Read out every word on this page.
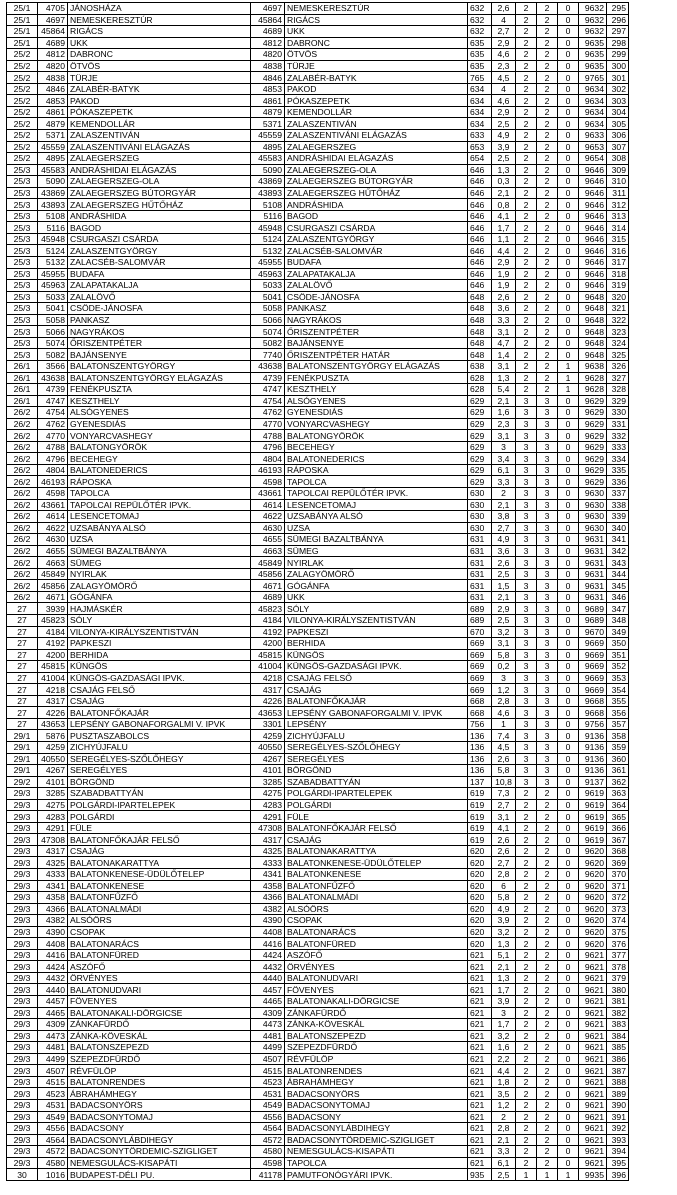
25/1	4705	JÁNOSHÁZA	4697	NEMESKERESZTÚR	632	2,6	2	2	0	9632	295
25/1	4697	NEMESKERESZTÚR	45864	RIGÁCS	632	4	2	2	0	9632	296
25/1	45864	RIGÁCS	4689	UKK	632	2,7	2	2	0	9632	297
25/1	4689	UKK	4812	DABRONC	635	2,9	2	2	0	9635	298
25/2	4812	DABRONC	4820	ÖTVÖS	635	4,6	2	2	0	9635	299
25/2	4820	ÖTVÖS	4838	TÜRJE	635	2,3	2	2	0	9635	300
25/2	4838	TÜRJE	4846	ZALABÉR-BATYK	765	4,5	2	2	0	9765	301
25/2	4846	ZALABÉR-BATYK	4853	PAKOD	634	4	2	2	0	9634	302
25/2	4853	PAKOD	4861	PÓKASZEPETK	634	4,6	2	2	0	9634	303
25/2	4861	PÓKASZEPETK	4879	KEMENDOLLÁR	634	2,9	2	2	0	9634	304
25/2	4879	KEMENDOLLÁR	5371	ZALASZENTIVÁN	634	2,5	2	2	0	9634	305
25/2	5371	ZALASZENTIVÁN	45559	ZALASZENTIVÁNI ELÁGAZÁS	633	4,9	2	2	0	9633	306
25/2	45559	ZALASZENTIVÁNI ELÁGAZÁS	4895	ZALAEGERSZEG	653	3,9	2	2	0	9653	307
25/2	4895	ZALAEGERSZEG	45583	ANDRÁSHIDAI ELÁGAZÁS	654	2,5	2	2	0	9654	308
25/3	45583	ANDRÁSHIDAI ELÁGAZÁS	5090	ZALAEGERSZEG-OLA	646	1,3	2	2	0	9646	309
25/3	5090	ZALAEGERSZEG-OLA	43869	ZALAEGERSZEG BÚTORGYÁR	646	0,3	2	2	0	9646	310
25/3	43869	ZALAEGERSZEG BÚTORGYÁR	43893	ZALAEGERSZEG HŰTŐHÁZ	646	2,1	2	2	0	9646	311
25/3	43893	ZALAEGERSZEG HŰTŐHÁZ	5108	ANDRÁSHIDA	646	0,8	2	2	0	9646	312
25/3	5108	ANDRÁSHIDA	5116	BAGOD	646	4,1	2	2	0	9646	313
25/3	5116	BAGOD	45948	CSURGASZI CSÁRDA	646	1,7	2	2	0	9646	314
25/3	45948	CSURGASZI CSÁRDA	5124	ZALASZENTGYÖRGY	646	1,1	2	2	0	9646	315
25/3	5124	ZALASZENTGYÖRGY	5132	ZALACSÉB-SALOMVÁR	646	4,4	2	2	0	9646	316
25/3	5132	ZALACSÉB-SALOMVÁR	45955	BUDAFA	646	2,9	2	2	0	9646	317
25/3	45955	BUDAFA	45963	ZALAPATAKALJA	646	1,9	2	2	0	9646	318
25/3	45963	ZALAPATAKALJA	5033	ZALALÖVŐ	646	1,9	2	2	0	9646	319
25/3	5033	ZALALÖVŐ	5041	CSÖDE-JÁNOSFA	648	2,6	2	2	0	9648	320
25/3	5041	CSÖDE-JÁNOSFA	5058	PANKASZ	648	3,6	2	2	0	9648	321
25/3	5058	PANKASZ	5066	NAGYRÁKOS	648	3,3	2	2	0	9648	322
25/3	5066	NAGYRÁKOS	5074	ŐRISZENTPÉTER	648	3,1	2	2	0	9648	323
25/3	5074	ŐRISZENTPÉTER	5082	BAJÁNSENYE	648	4,7	2	2	0	9648	324
25/3	5082	BAJÁNSENYE	7740	ŐRISZENTPÉTER HATÁR	648	1,4	2	2	0	9648	325
26/1	3566	BALATONSZENTGYÖRGY	43638	BALATONSZENTGYÖRGY ELÁGAZÁS	638	3,1	2	2	1	9638	326
26/1	43638	BALATONSZENTGYÖRGY ELÁGAZÁS	4739	FENÉKPUSZTA	628	1,3	2	2	1	9628	327
26/1	4739	FENÉKPUSZTA	4747	KESZTHELY	628	5,4	2	2	1	9628	328
26/1	4747	KESZTHELY	4754	ALSÓGYENES	629	2,1	3	3	0	9629	329
26/2	4754	ALSÓGYENES	4762	GYENESDIÁS	629	1,6	3	3	0	9629	330
26/2	4762	GYENESDIÁS	4770	VONYARCVASHEGY	629	2,3	3	3	0	9629	331
26/2	4770	VONYARCVASHEGY	4788	BALATONGYÖRÖK	629	3,1	3	3	0	9629	332
26/2	4788	BALATONGYÖRÖK	4796	BECEHEGY	629	3	3	3	0	9629	333
26/2	4796	BECEHEGY	4804	BALATONEDERICS	629	3,4	3	3	0	9629	334
26/2	4804	BALATONEDERICS	46193	RÁPOSKA	629	6,1	3	3	0	9629	335
26/2	46193	RÁPOSKA	4598	TAPOLCA	629	3,3	3	3	0	9629	336
26/2	4598	TAPOLCA	43661	TAPOLCAI REPÜLŐTÉR IPVK.	630	2	3	3	0	9630	337
26/2	43661	TAPOLCAI REPÜLŐTÉR IPVK.	4614	LESENCETOMAJ	630	2,1	3	3	0	9630	338
26/2	4614	LESENCETOMAJ	4622	UZSABÁNYA ALSÓ	630	3,8	3	3	0	9630	339
26/2	4622	UZSABÁNYA ALSÓ	4630	UZSA	630	2,7	3	3	0	9630	340
26/2	4630	UZSA	4655	SÜMEGI BAZALTBÁNYA	631	4,9	3	3	0	9631	341
26/2	4655	SÜMEGI BAZALTBÁNYA	4663	SÜMEG	631	3,6	3	3	0	9631	342
26/2	4663	SÜMEG	45849	NYIRLAK	631	2,6	3	3	0	9631	343
26/2	45849	NYIRLAK	45856	ZALAGYÖMÖRŐ	631	2,5	3	3	0	9631	344
26/2	45856	ZALAGYÖMÖRŐ	4671	GÓGÁNFA	631	1,5	3	3	0	9631	345
26/2	4671	GÓGÁNFA	4689	UKK	631	2,1	3	3	0	9631	346
27	3939	HAJMÁSKÉR	45823	SÓLY	689	2,9	3	3	0	9689	347
27	45823	SÓLY	4184	VILONYA-KIRÁLYSZENTISTVÁN	689	2,5	3	3	0	9689	348
27	4184	VILONYA-KIRÁLYSZENTISTVÁN	4192	PAPKESZI	670	3,2	3	3	0	9670	349
27	4192	PAPKESZI	4200	BERHIDA	669	3,1	3	3	0	9669	350
27	4200	BERHIDA	45815	KÜNGÖS	669	5,8	3	3	0	9669	351
27	45815	KÜNGÖS	41004	KÜNGÖS-GAZDASÁGI IPVK.	669	0,2	3	3	0	9669	352
27	41004	KÜNGÖS-GAZDASÁGI IPVK.	4218	CSAJÁG FELSŐ	669	3	3	3	0	9669	353
27	4218	CSAJÁG FELSŐ	4317	CSAJÁG	669	1,2	3	3	0	9669	354
27	4317	CSAJÁG	4226	BALATONFŐKAJÁR	668	2,8	3	3	0	9668	355
27	4226	BALATONFŐKAJÁR	43653	LEPSÉNY GABONAFORGALMI V. IPVK	668	4,6	3	3	0	9668	356
27	43653	LEPSÉNY GABONAFORGALMI V. IPVK	3301	LEPSÉNY	756	1	3	3	0	9756	357
29/1	5876	PUSZTASZABOLCS	4259	ZICHYÚJFALU	136	7,4	3	3	0	9136	358
29/1	4259	ZICHYÚJFALU	40550	SEREGÉLYES-SZŐLŐHEGY	136	4,5	3	3	0	9136	359
29/1	40550	SEREGÉLYES-SZŐLŐHEGY	4267	SEREGÉLYES	136	2,6	3	3	0	9136	360
29/1	4267	SEREGÉLYES	4101	BÖRGÖND	136	5,8	3	3	0	9136	361
29/2	4101	BÖRGÖND	3285	SZABADBATTYÁN	137	10,8	3	3	0	9137	362
29/3	3285	SZABADBATTYÁN	4275	POLGÁRDI-IPARTELEPEK	619	7,3	2	2	0	9619	363
29/3	4275	POLGÁRDI-IPARTELEPEK	4283	POLGÁRDI	619	2,7	2	2	0	9619	364
29/3	4283	POLGÁRDI	4291	FÜLE	619	3,1	2	2	0	9619	365
29/3	4291	FÜLE	47308	BALATONFŐKAJÁR FELSŐ	619	4,1	2	2	0	9619	366
29/3	47308	BALATONFŐKAJÁR FELSŐ	4317	CSAJÁG	619	2,6	2	2	0	9619	367
29/3	4317	CSAJÁG	4325	BALATONAKARATTYA	620	2,6	2	2	0	9620	368
29/3	4325	BALATONAKARATTYA	4333	BALATONKENESE-ÜDÜLŐTELEP	620	2,7	2	2	0	9620	369
29/3	4333	BALATONKENESE-ÜDÜLŐTELEP	4341	BALATONKENESE	620	2,8	2	2	0	9620	370
29/3	4341	BALATONKENESE	4358	BALATONFŰZFŐ	620	6	2	2	0	9620	371
29/3	4358	BALATONFŰZFŐ	4366	BALATONALMÁDI	620	5,8	2	2	0	9620	372
29/3	4366	BALATONALMÁDI	4382	ALSÓÖRS	620	4,9	2	2	0	9620	373
29/3	4382	ALSÓÖRS	4390	CSOPAK	620	3,9	2	2	0	9620	374
29/3	4390	CSOPAK	4408	BALATONARÁCS	620	3,2	2	2	0	9620	375
29/3	4408	BALATONARÁCS	4416	BALATONFÜRED	620	1,3	2	2	0	9620	376
29/3	4416	BALATONFÜRED	4424	ASZÓFŐ	621	5,1	2	2	0	9621	377
29/3	4424	ASZÓFŐ	4432	ÖRVÉNYES	621	2,1	2	2	0	9621	378
29/3	4432	ÖRVÉNYES	4440	BALATONUDVARI	621	1,3	2	2	0	9621	379
29/3	4440	BALATONUDVARI	4457	FÖVENYES	621	1,7	2	2	0	9621	380
29/3	4457	FÖVENYES	4465	BALATONAKALI-DÖRGICSE	621	3,9	2	2	0	9621	381
29/3	4465	BALATONAKALI-DÖRGICSE	4309	ZÁNKAFÜRDŐ	621	3	2	2	0	9621	382
29/3	4309	ZÁNKAFÜRDŐ	4473	ZÁNKA-KÖVESKÁL	621	1,7	2	2	0	9621	383
29/3	4473	ZÁNKA-KÖVESKÁL	4481	BALATONSZEPEZD	621	3,2	2	2	0	9621	384
29/3	4481	BALATONSZEPEZD	4499	SZEPEZDFÜRDŐ	621	1,6	2	2	0	9621	385
29/3	4499	SZEPEZDFÜRDŐ	4507	RÉVFÜLÖP	621	2,2	2	2	0	9621	386
29/3	4507	RÉVFÜLÖP	4515	BALATONRENDES	621	4,4	2	2	0	9621	387
29/3	4515	BALATONRENDES	4523	ÁBRAHÁMHEGY	621	1,8	2	2	0	9621	388
29/3	4523	ÁBRAHÁMHEGY	4531	BADACSONYÖRS	621	3,5	2	2	0	9621	389
29/3	4531	BADACSONYÖRS	4549	BADACSONYTOMAJ	621	1,2	2	2	0	9621	390
29/3	4549	BADACSONYTOMAJ	4556	BADACSONY	621	2	2	2	0	9621	391
29/3	4556	BADACSONY	4564	BADACSONYLÁBDIHEGY	621	2,8	2	2	0	9621	392
29/3	4564	BADACSONYLÁBDIHEGY	4572	BADACSONYTÖRDEMIC-SZIGLIGET	621	2,1	2	2	0	9621	393
29/3	4572	BADACSONYTÖRDEMIC-SZIGLIGET	4580	NEMESGULÁCS-KISAPÁTI	621	3,3	2	2	0	9621	394
29/3	4580	NEMESGULÁCS-KISAPÁTI	4598	TAPOLCA	621	6,1	2	2	0	9621	395
30	1016	BUDAPEST-DÉLI PU.	41178	PAMUTFONÓGYÁRI IPVK.	935	2,5	1	1	1	9935	396
